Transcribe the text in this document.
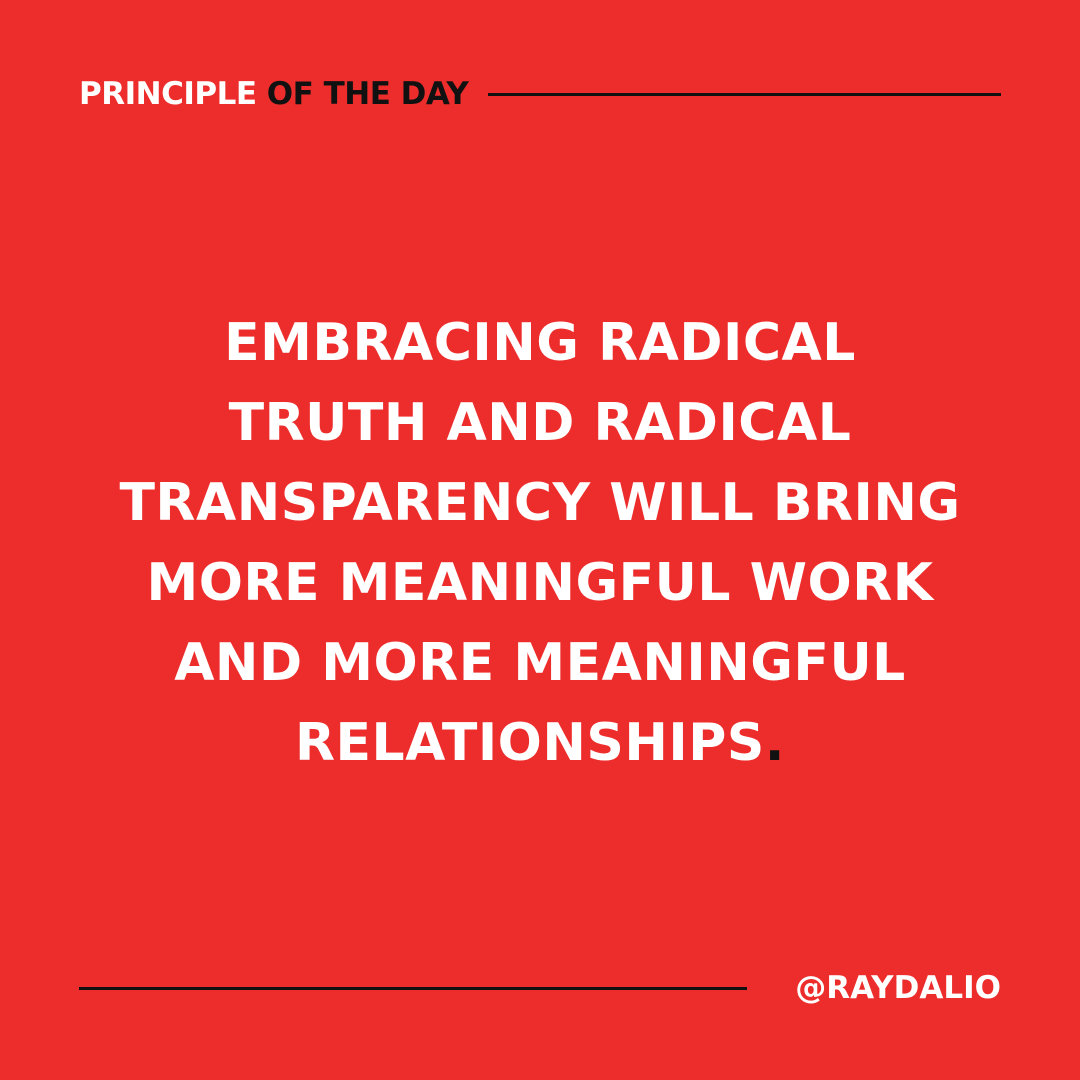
PRINCIPLE OF THE DAY
EMBRACING RADICAL
TRUTH AND RADICAL
TRANSPARENCY WILL BRING
MORE MEANINGFUL WORK
AND MORE MEANINGFUL
RELATIONSHIPS.
@RAYDALIO
